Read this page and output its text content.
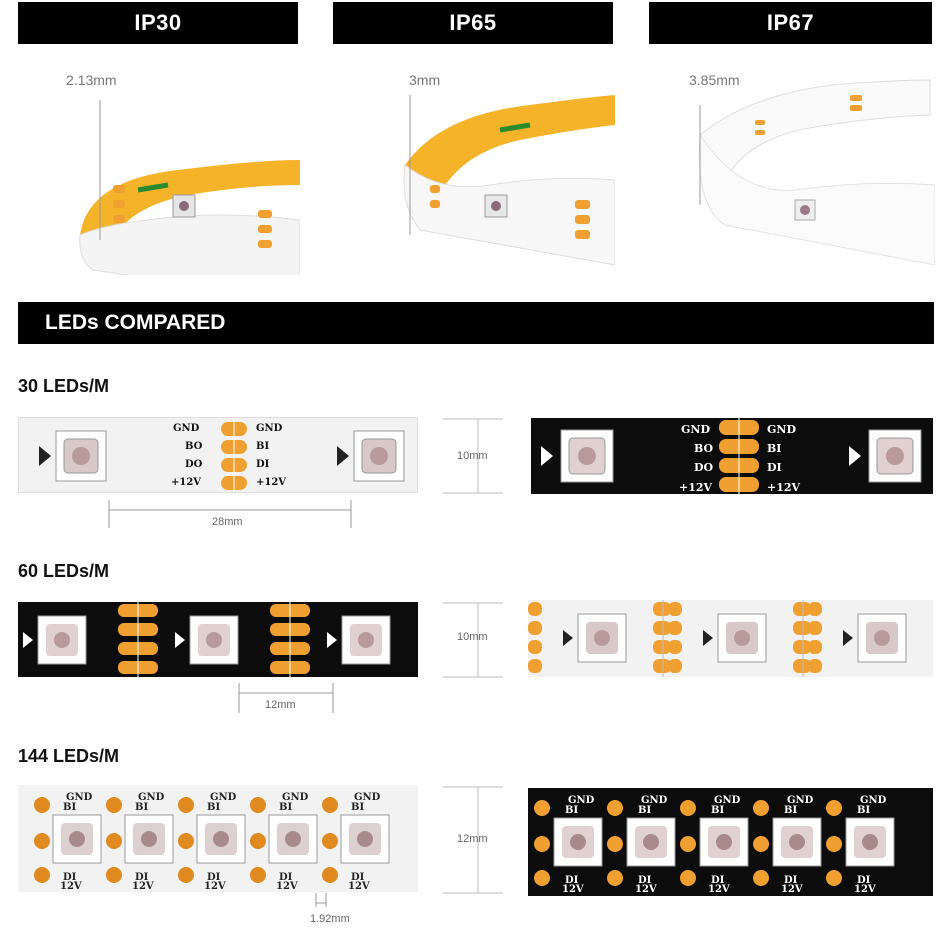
IP30	IP65	IP67
2.13mm	3mm	3.85mm
LEDs COMPARED
30 LEDs/M
GND	GND
BO	BI
DO	DI
+12V	+12V
28mm
10mm
GND	GND
BO	BI
DO	DI
+12V	+12V
60 LEDs/M
12mm
10mm
144 LEDs/M
GND
BI
DI
12V
1.92mm
12mm
GND
BI
DI
12V
